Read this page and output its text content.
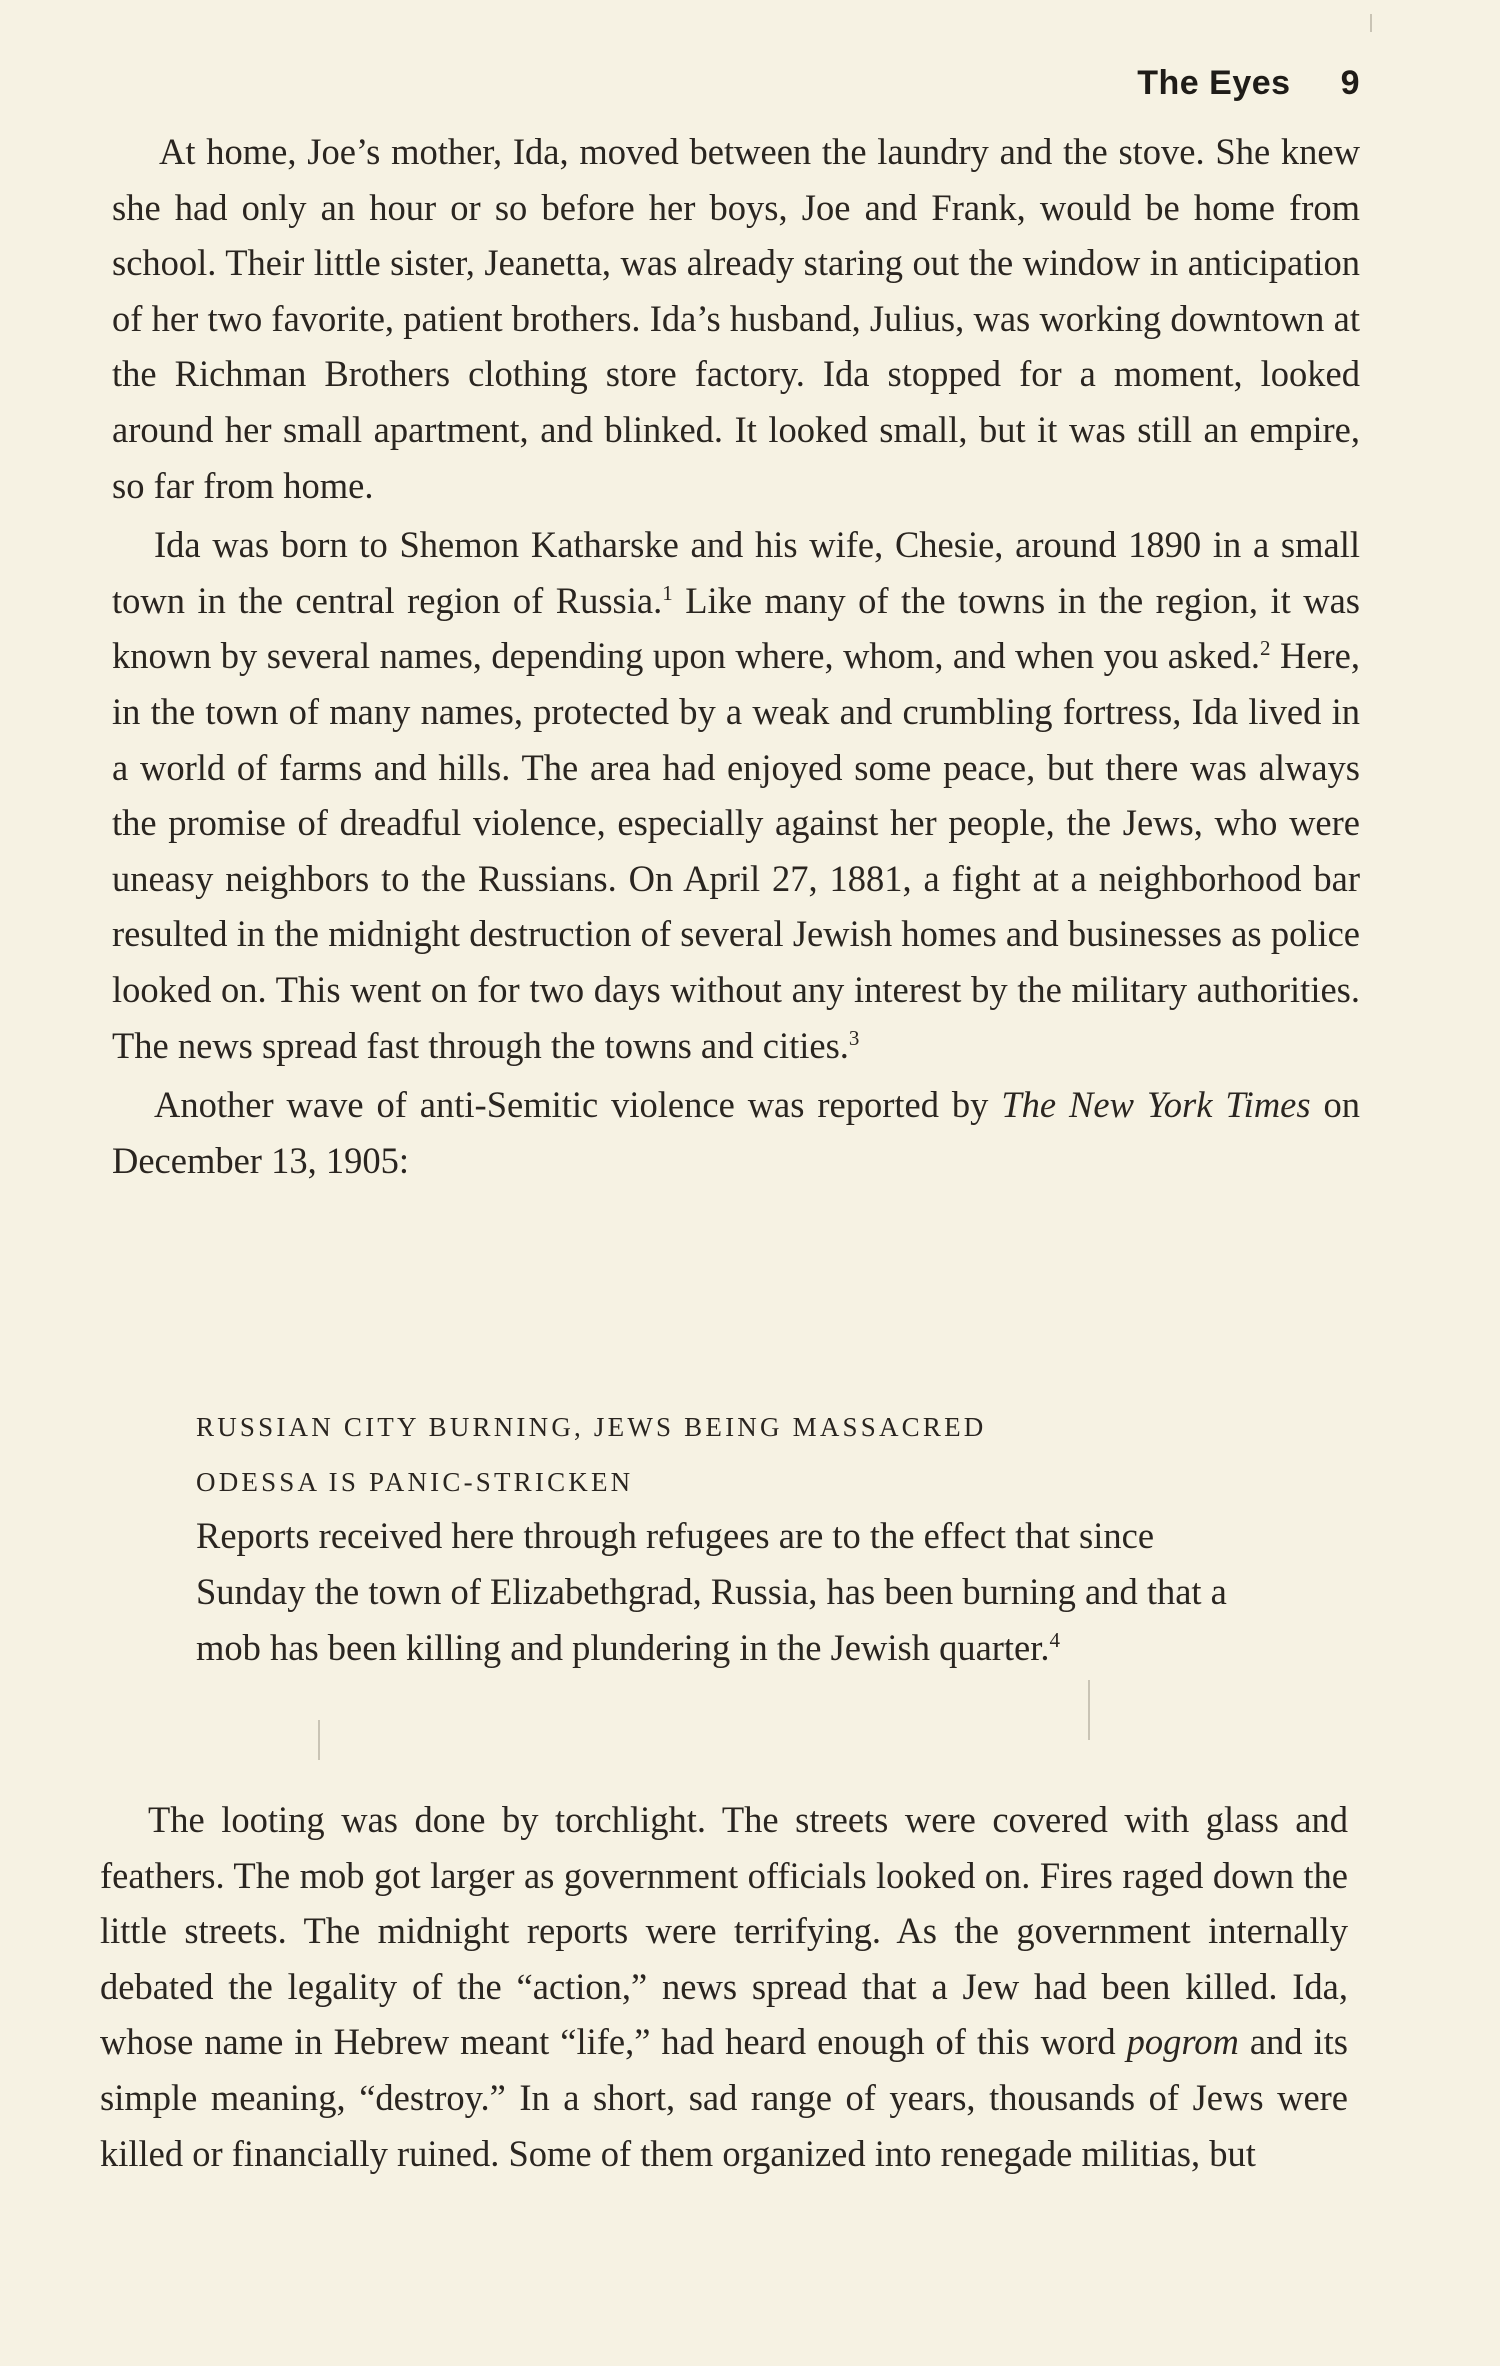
The Eyes 9

At home, Joe’s mother, Ida, moved between the laundry and the stove. She knew she had only an hour or so before her boys, Joe and Frank, would be home from school. Their little sister, Jeanetta, was already staring out the window in anticipation of her two favorite, patient brothers. Ida’s husband, Julius, was working downtown at the Richman Brothers clothing store factory. Ida stopped for a moment, looked around her small apartment, and blinked. It looked small, but it was still an empire, so far from home.

Ida was born to Shemon Katharske and his wife, Chesie, around 1890 in a small town in the central region of Russia.$^1$ Like many of the towns in the region, it was known by several names, depending upon where, whom, and when you asked.$^2$ Here, in the town of many names, protected by a weak and crumbling fortress, Ida lived in a world of farms and hills. The area had enjoyed some peace, but there was always the promise of dreadful violence, especially against her people, the Jews, who were uneasy neighbors to the Russians. On April 27, 1881, a fight at a neighborhood bar resulted in the midnight destruction of several Jewish homes and businesses as police looked on. This went on for two days without any interest by the military authorities. The news spread fast through the towns and cities.$^3$

Another wave of anti-Semitic violence was reported by The New York Times on December 13, 1905:

RUSSIAN CITY BURNING, JEWS BEING MASSACRED
ODESSA IS PANIC-STRICKEN
Reports received here through refugees are to the effect that since Sunday the town of Elizabethgrad, Russia, has been burning and that a mob has been killing and plundering in the Jewish quarter.$^4$

The looting was done by torchlight. The streets were covered with glass and feathers. The mob got larger as government officials looked on. Fires raged down the little streets. The midnight reports were terrifying. As the government internally debated the legality of the “action,” news spread that a Jew had been killed. Ida, whose name in Hebrew meant “life,” had heard enough of this word pogrom and its simple meaning, “destroy.” In a short, sad range of years, thousands of Jews were killed or financially ruined. Some of them organized into renegade militias, but
